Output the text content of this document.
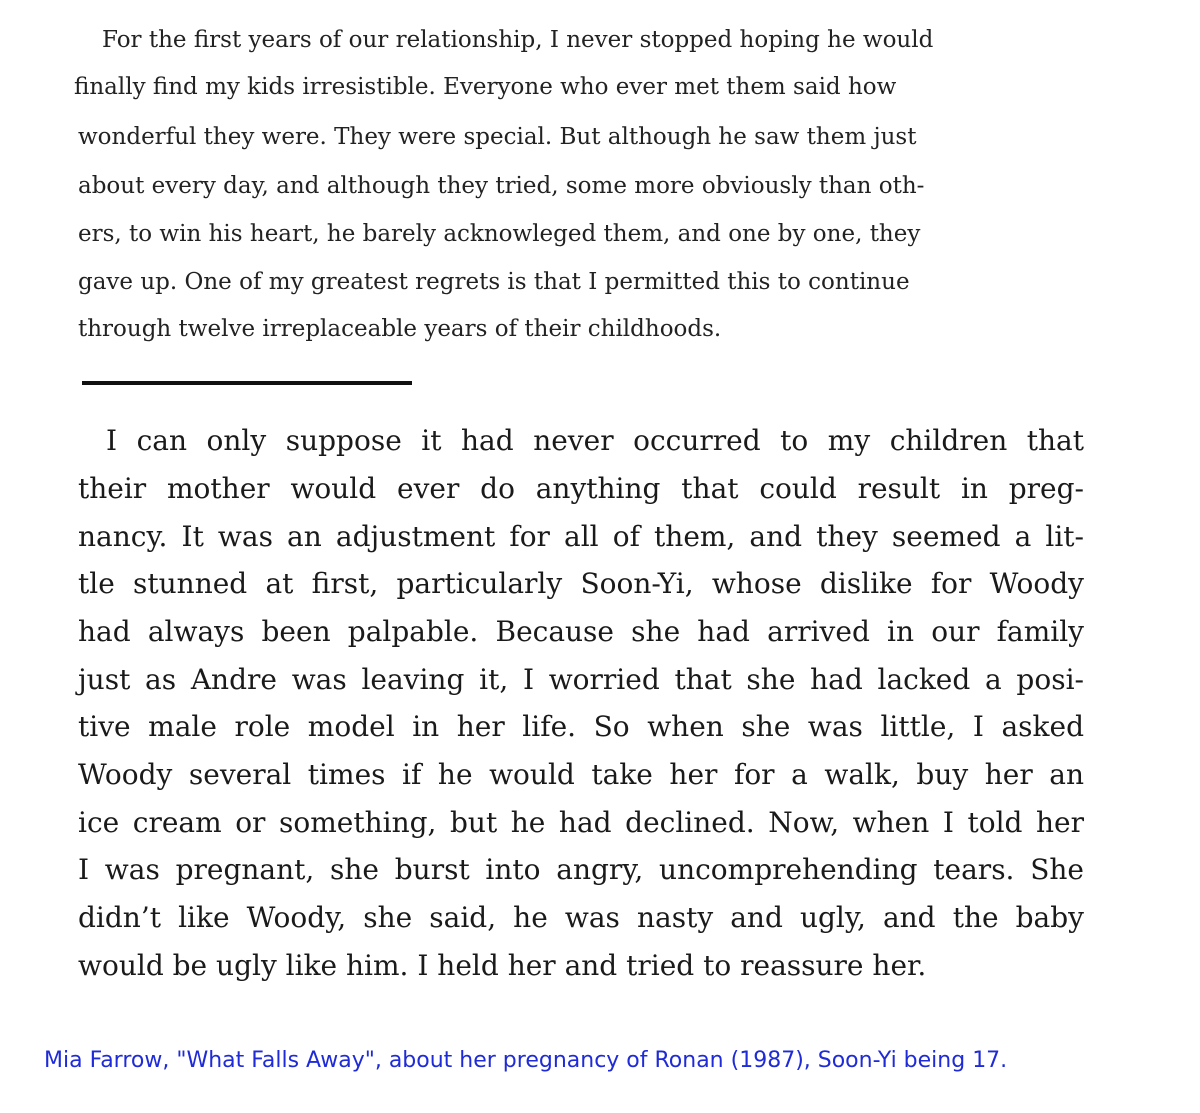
For the first years of our relationship, I never stopped hoping he would
finally find my kids irresistible. Everyone who ever met them said how
wonderful they were. They were special. But although he saw them just
about every day, and although they tried, some more obviously than oth-
ers, to win his heart, he barely acknowleged them, and one by one, they
gave up. One of my greatest regrets is that I permitted this to continue
through twelve irreplaceable years of their childhoods.
I can only suppose it had never occurred to my children that
their mother would ever do anything that could result in preg-
nancy. It was an adjustment for all of them, and they seemed a lit-
tle stunned at first, particularly Soon-Yi, whose dislike for Woody
had always been palpable. Because she had arrived in our family
just as Andre was leaving it, I worried that she had lacked a posi-
tive male role model in her life. So when she was little, I asked
Woody several times if he would take her for a walk, buy her an
ice cream or something, but he had declined. Now, when I told her
I was pregnant, she burst into angry, uncomprehending tears. She
didn’t like Woody, she said, he was nasty and ugly, and the baby
would be ugly like him. I held her and tried to reassure her.
Mia Farrow, "What Falls Away", about her pregnancy of Ronan (1987), Soon-Yi being 17.
